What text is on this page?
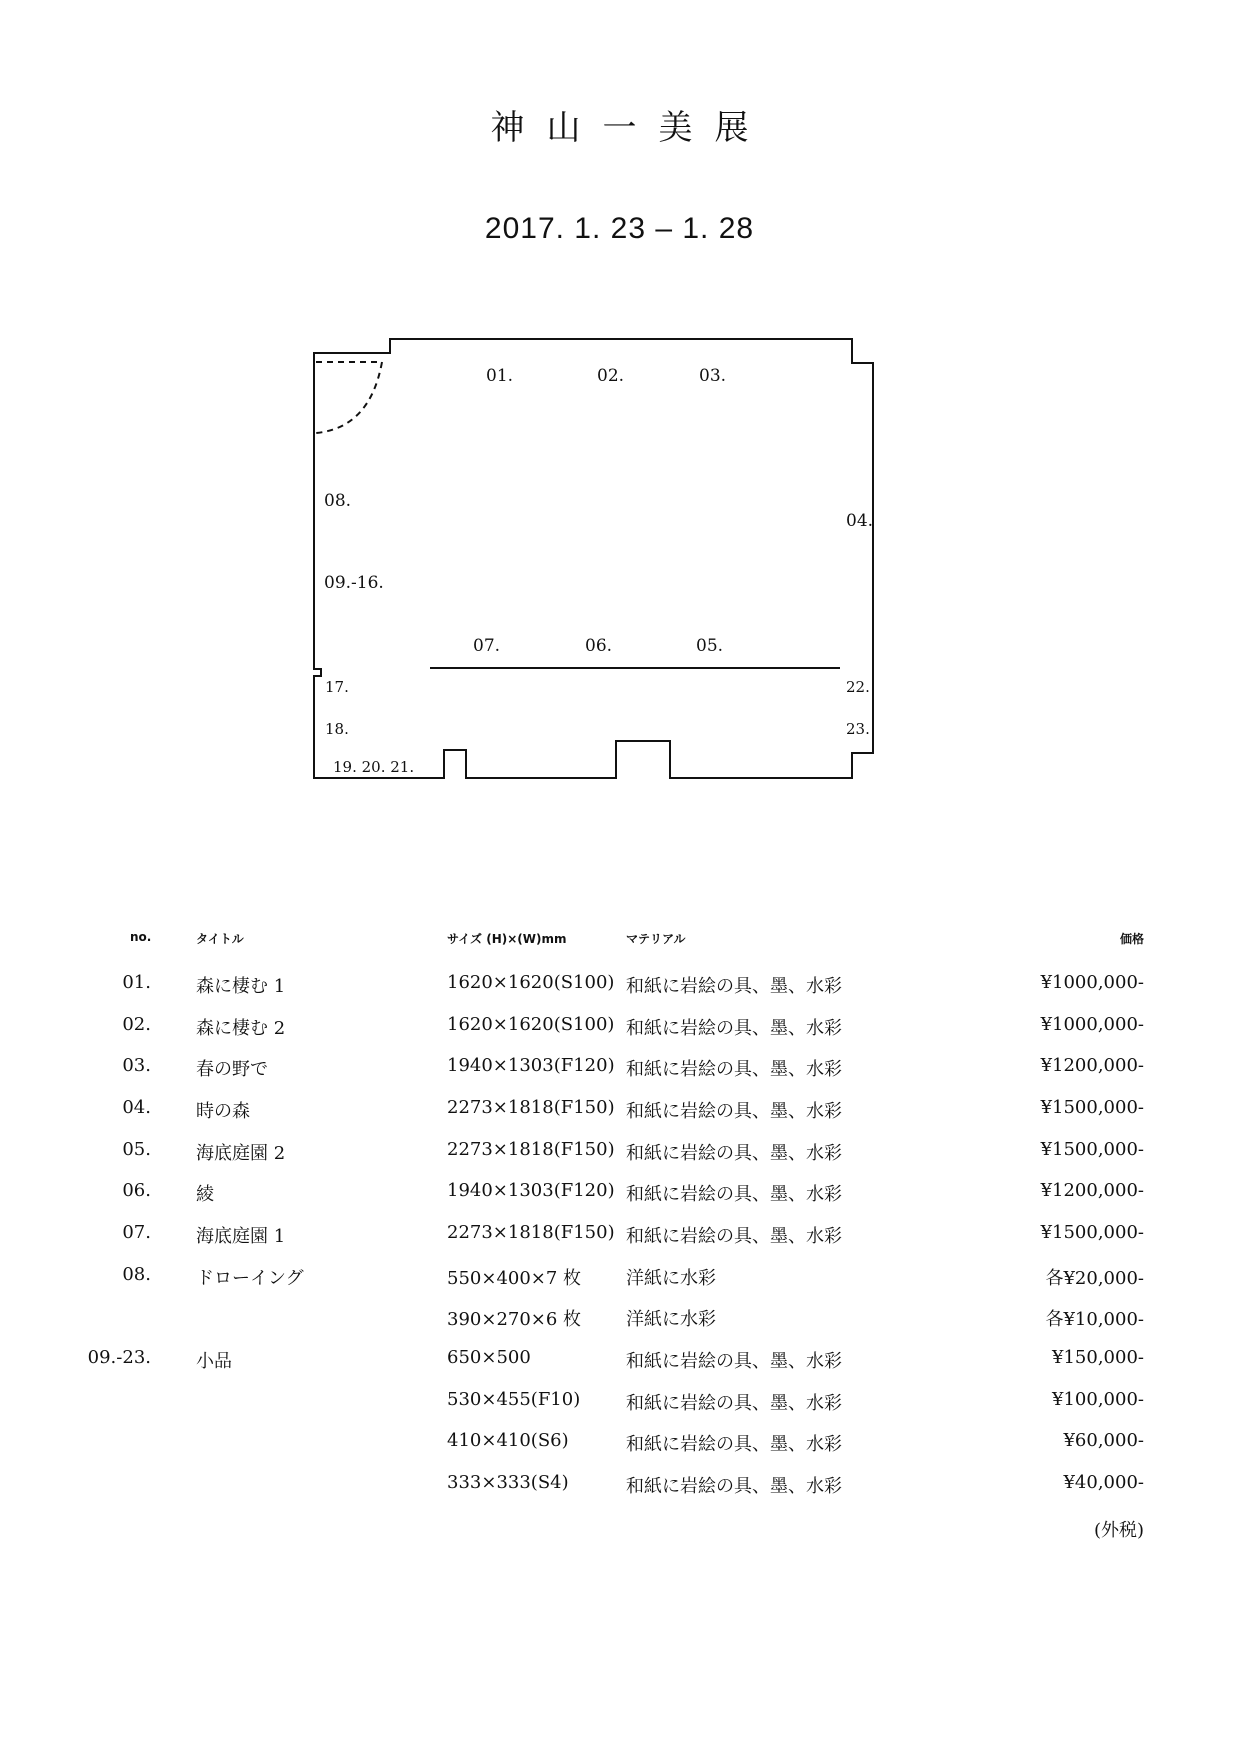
神山一美展
2017. 1. 23 – 1. 28
01.	02.	03.
04.
05.
06.
07.
08.
09.-16.
17.
18.
19. 20. 21.
22.
23.
no.	タイトル	サイズ (H)×(W)mm	マテリアル	価格
01.	森に棲む 1	1620×1620(S100) 和紙に岩絵の具、墨、水彩	¥1000,000-
02.	森に棲む 2	1620×1620(S100) 和紙に岩絵の具、墨、水彩	¥1000,000-
03.	春の野で	1940×1303(F120) 和紙に岩絵の具、墨、水彩	¥1200,000-
04.	時の森	2273×1818(F150) 和紙に岩絵の具、墨、水彩	¥1500,000-
05.	海底庭園 2	2273×1818(F150) 和紙に岩絵の具、墨、水彩	¥1500,000-
06.	綾	1940×1303(F120) 和紙に岩絵の具、墨、水彩	¥1200,000-
07.	海底庭園 1	2273×1818(F150) 和紙に岩絵の具、墨、水彩	¥1500,000-
08.	ドローイング	550×400×7 枚 洋紙に水彩	各¥20,000-
390×270×6 枚 洋紙に水彩	各¥10,000-
09.-23.	小品	650×500	和紙に岩絵の具、墨、水彩	¥150,000-
530×455(F10)	和紙に岩絵の具、墨、水彩	¥100,000-
410×410(S6)	和紙に岩絵の具、墨、水彩	¥60,000-
333×333(S4)	和紙に岩絵の具、墨、水彩	¥40,000-
(外税)
